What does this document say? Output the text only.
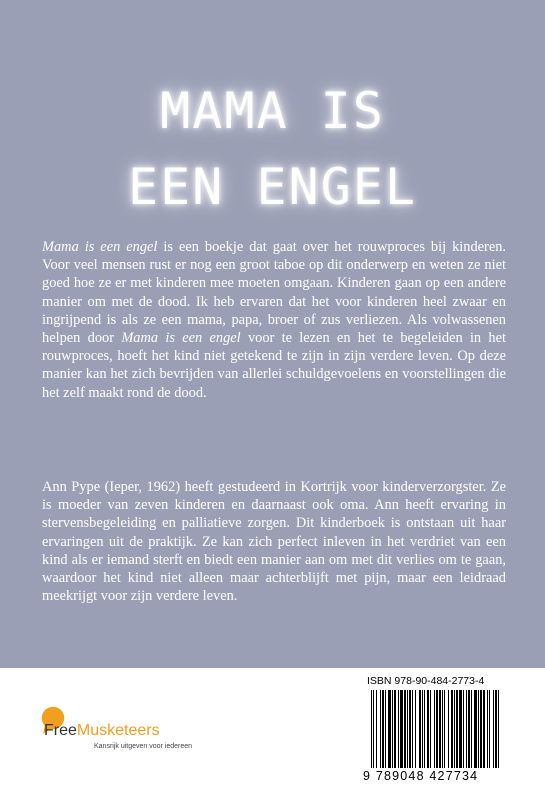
MAMA IS
EEN ENGEL

Mama is een engel is een boekje dat gaat over het rouwproces bij kinderen. Voor veel mensen rust er nog een groot taboe op dit onderwerp en weten ze niet goed hoe ze er met kinderen mee moeten omgaan. Kinderen gaan op een andere manier om met de dood. Ik heb ervaren dat het voor kinderen heel zwaar en ingrijpend is als ze een mama, papa, broer of zus verliezen. Als volwassenen helpen door Mama is een engel voor te lezen en het te begeleiden in het rouwproces, hoeft het kind niet getekend te zijn in zijn verdere leven. Op deze manier kan het zich bevrijden van allerlei schuldgevoelens en voorstellingen die het zelf maakt rond de dood.

Ann Pype (Ieper, 1962) heeft gestudeerd in Kortrijk voor kinderverzorgster. Ze is moeder van zeven kinderen en daarnaast ook oma. Ann heeft ervaring in stervensbegeleiding en palliatieve zorgen. Dit kinderboek is ontstaan uit haar ervaringen uit de praktijk. Ze kan zich perfect inleven in het verdriet van een kind als er iemand sterft en biedt een manier aan om met dit verlies om te gaan, waardoor het kind niet alleen maar achterblijft met pijn, maar een leidraad meekrijgt voor zijn verdere leven.

FreeMusketeers
Kansrijk uitgeven voor iedereen
ISBN 978-90-484-2773-4
9 789048 427734
